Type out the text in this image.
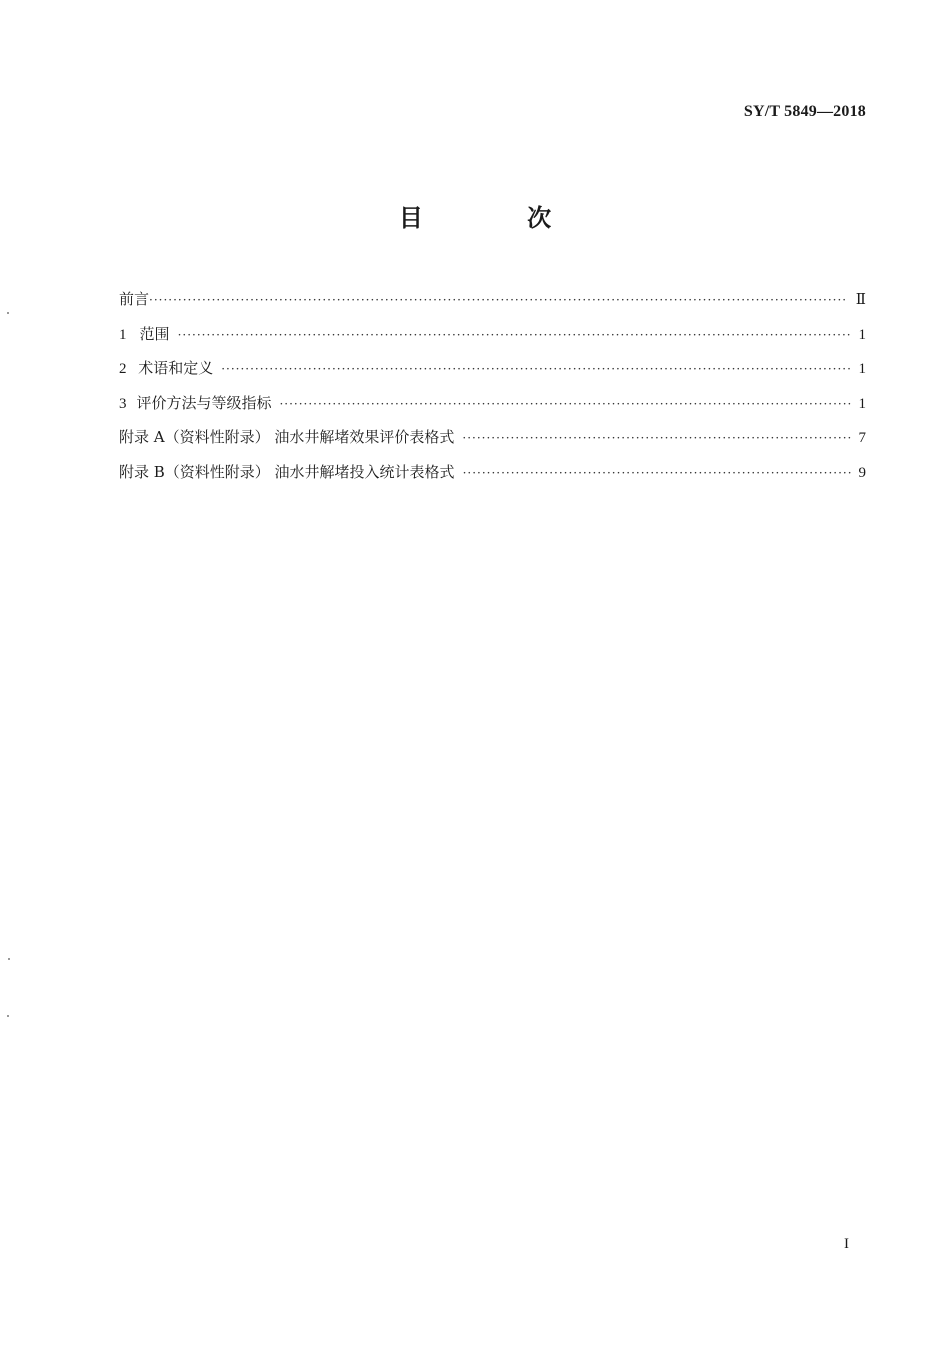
SY/T 5849—2018
目 次
前言 ·····	Ⅱ
1 范围 ·····	1
2 术语和定义 ·····	1
3 评价方法与等级指标 ·····	1
附录 A（资料性附录） 油水井解堵效果评价表格式 ·····	7
附录 B（资料性附录） 油水井解堵投入统计表格式 ·····	9
I
